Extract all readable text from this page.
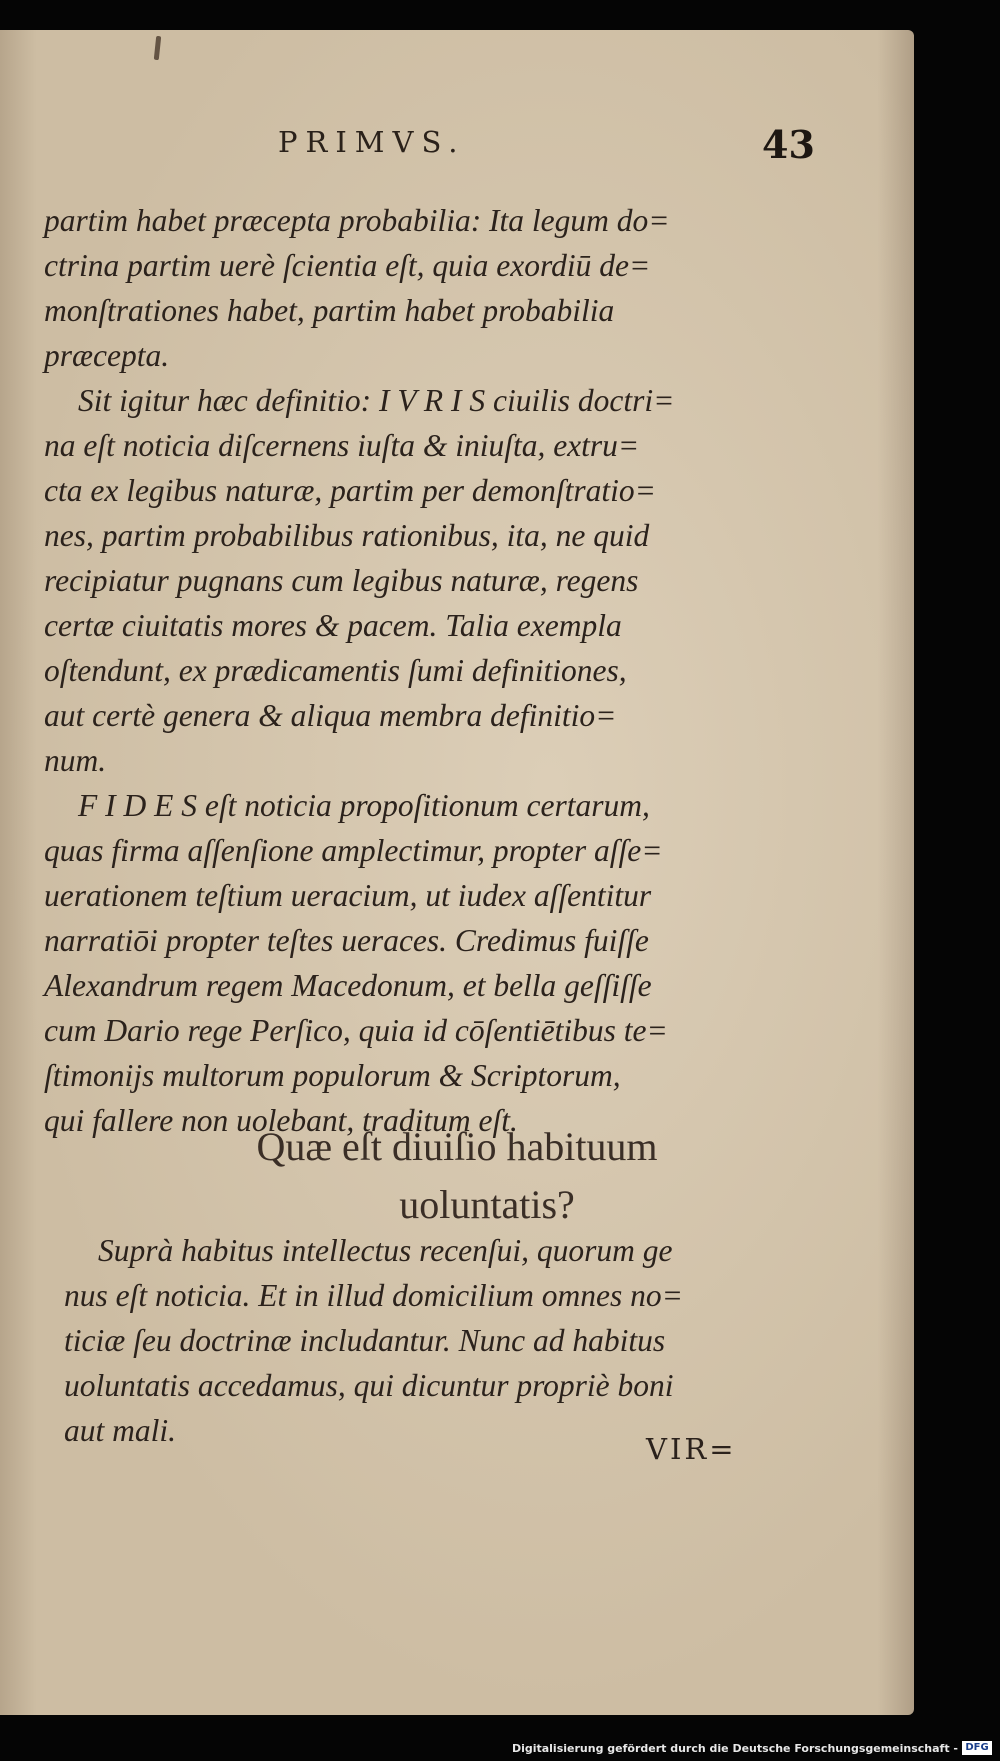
PRIMVS.	43
partim habet præcepta probabilia: Ita legum do=
ctrina partim uerè ſcientia eſt, quia exordiū de=
monſtrationes habet, partim habet probabilia
præcepta.
Sit igitur hæc definitio: I V R I S ciuilis doctri=
na eſt noticia diſcernens iuſta & iniuſta, extru=
cta ex legibus naturæ, partim per demonſtratio=
nes, partim probabilibus rationibus, ita, ne quid
recipiatur pugnans cum legibus naturæ, regens
certæ ciuitatis mores & pacem. Talia exempla
oſtendunt, ex prædicamentis ſumi definitiones,
aut certè genera & aliqua membra definitio=
num.
F I D E S eſt noticia propoſitionum certarum,
quas firma aſſenſione amplectimur, propter aſſe=
uerationem teſtium ueracium, ut iudex aſſentitur
narratiōi propter teſtes ueraces. Credimus fuiſſe
Alexandrum regem Macedonum, et bella geſſiſſe
cum Dario rege Perſico, quia id cōſentiētibus te=
ſtimonijs multorum populorum & Scriptorum,
qui fallere non uolebant, traditum eſt.
Quæ eſt diuiſio habituum
uoluntatis?
Suprà habitus intellectus recenſui, quorum ge
nus eſt noticia. Et in illud domicilium omnes no=
ticiæ ſeu doctrinæ includantur. Nunc ad habitus
uoluntatis accedamus, qui dicuntur propriè boni
aut mali.
VIR=
Digitalisierung gefördert durch die Deutsche Forschungsgemeinschaft - DFG
